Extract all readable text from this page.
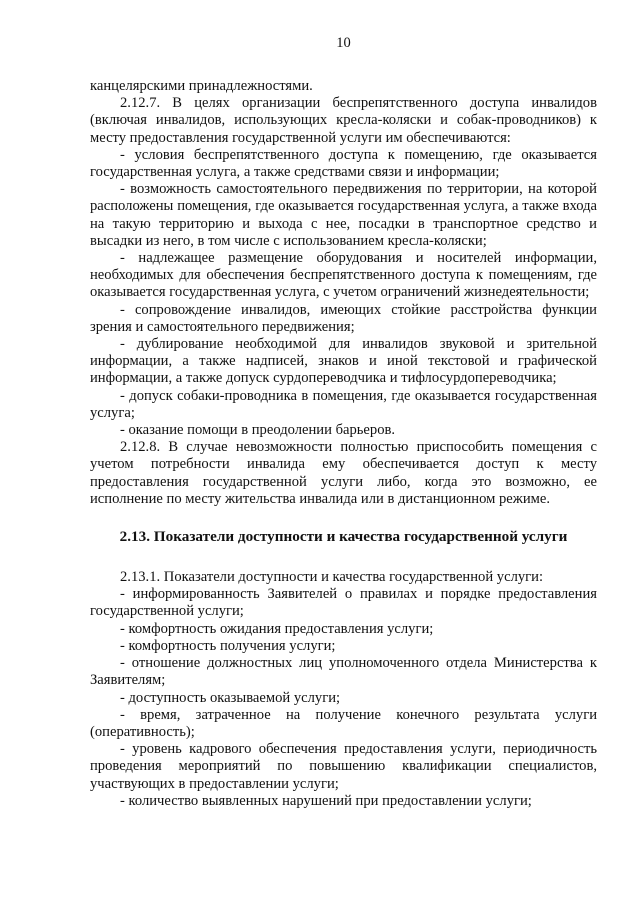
10

канцелярскими принадлежностями.

2.12.7. В целях организации беспрепятственного доступа инвалидов (включая инвалидов, использующих кресла-коляски и собак-проводников) к месту предоставления государственной услуги им обеспечиваются:

- условия беспрепятственного доступа к помещению, где оказывается государственная услуга, а также средствами связи и информации;

- возможность самостоятельного передвижения по территории, на которой расположены помещения, где оказывается государственная услуга, а также входа на такую территорию и выхода с нее, посадки в транспортное средство и высадки из него, в том числе с использованием кресла-коляски;

- надлежащее размещение оборудования и носителей информации, необходимых для обеспечения беспрепятственного доступа к помещениям, где оказывается государственная услуга, с учетом ограничений жизнедеятельности;

- сопровождение инвалидов, имеющих стойкие расстройства функции зрения и самостоятельного передвижения;

- дублирование необходимой для инвалидов звуковой и зрительной информации, а также надписей, знаков и иной текстовой и графической информации, а также допуск сурдопереводчика и тифлосурдопереводчика;

- допуск собаки-проводника в помещения, где оказывается государственная услуга;

- оказание помощи в преодолении барьеров.

2.12.8. В случае невозможности полностью приспособить помещения с учетом потребности инвалида ему обеспечивается доступ к месту предоставления государственной услуги либо, когда это возможно, ее исполнение по месту жительства инвалида или в дистанционном режиме.

2.13. Показатели доступности и качества государственной услуги

2.13.1. Показатели доступности и качества государственной услуги:

- информированность Заявителей о правилах и порядке предоставления государственной услуги;

- комфортность ожидания предоставления услуги;

- комфортность получения услуги;

- отношение должностных лиц уполномоченного отдела Министерства к Заявителям;

- доступность оказываемой услуги;

- время, затраченное на получение конечного результата услуги (оперативность);

- уровень кадрового обеспечения предоставления услуги, периодичность проведения мероприятий по повышению квалификации специалистов, участвующих в предоставлении услуги;

- количество выявленных нарушений при предоставлении услуги;
